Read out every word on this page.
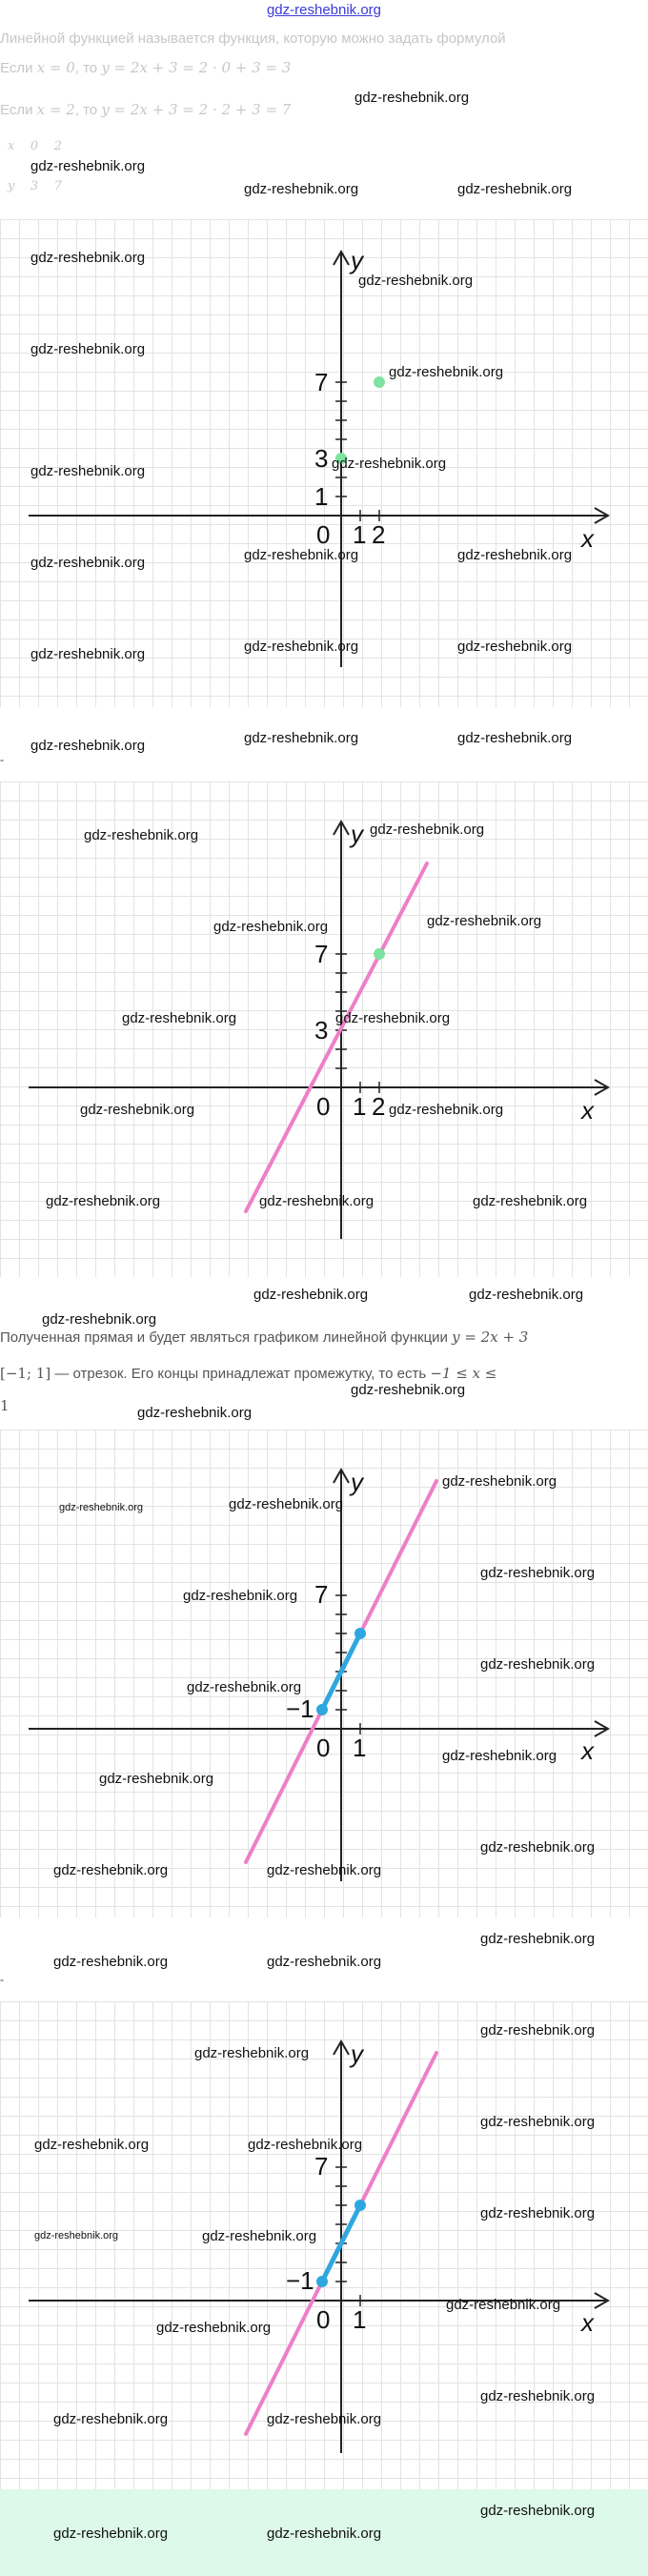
gdz-reshebnik.org
Линейной функцией называется функция, которую можно задать формулой
Если x = 0, то y = 2x + 3 = 2 · 0 + 3 = 3
Если x = 2, то y = 2x + 3 = 2 · 2 + 3 = 7
x 0 2
y 3 7
x
y
7
3
1
0 1 2
gdz-reshebnik.org
gdz-reshebnik.org
gdz-reshebnik.org
gdz-reshebnik.org
gdz-reshebnik.org
gdz-reshebnik.org
gdz-reshebnik.org	gdz-reshebnik.org
gdz-reshebnik.org
gdz-reshebnik.org	gdz-reshebnik.org
gdz-reshebnik.org
gdz-reshebnik.org
gdz-reshebnik.org
gdz-reshebnik.org	gdz-reshebnik.org
gdz-reshebnik.org	gdz-reshebnik.org	gdz-reshebnik.org
-
x
y
7
3
0 1 2
gdz-reshebnik.org	gdz-reshebnik.org
gdz-reshebnik.org	gdz-reshebnik.org
gdz-reshebnik.org	gdz-reshebnik.org
gdz-reshebnik.org	gdz-reshebnik.org
gdz-reshebnik.org	gdz-reshebnik.org	gdz-reshebnik.org
gdz-reshebnik.org	gdz-reshebnik.org
gdz-reshebnik.org
Полученная прямая и будет являться графиком линейной функции y = 2x + 3
[−1; 1] — отрезок. Его концы принадлежат промежутку, то есть −1 ≤ x ≤
1
gdz-reshebnik.org
gdz-reshebnik.org
x
y
7
−1
0 1
gdz-reshebnik.org	gdz-reshebnik.org
gdz-reshebnik.org
gdz-reshebnik.org
gdz-reshebnik.org
gdz-reshebnik.org
gdz-reshebnik.org
gdz-reshebnik.org
gdz-reshebnik.org
gdz-reshebnik.org
gdz-reshebnik.org	gdz-reshebnik.org
gdz-reshebnik.org
gdz-reshebnik.org	gdz-reshebnik.org
-
x
y
7
−1
0 1
gdz-reshebnik.org
gdz-reshebnik.org
gdz-reshebnik.org
gdz-reshebnik.org	gdz-reshebnik.org
gdz-reshebnik.org
gdz-reshebnik.org	gdz-reshebnik.org
gdz-reshebnik.org
gdz-reshebnik.org
gdz-reshebnik.org
gdz-reshebnik.org	gdz-reshebnik.org
gdz-reshebnik.org
gdz-reshebnik.org	gdz-reshebnik.org
